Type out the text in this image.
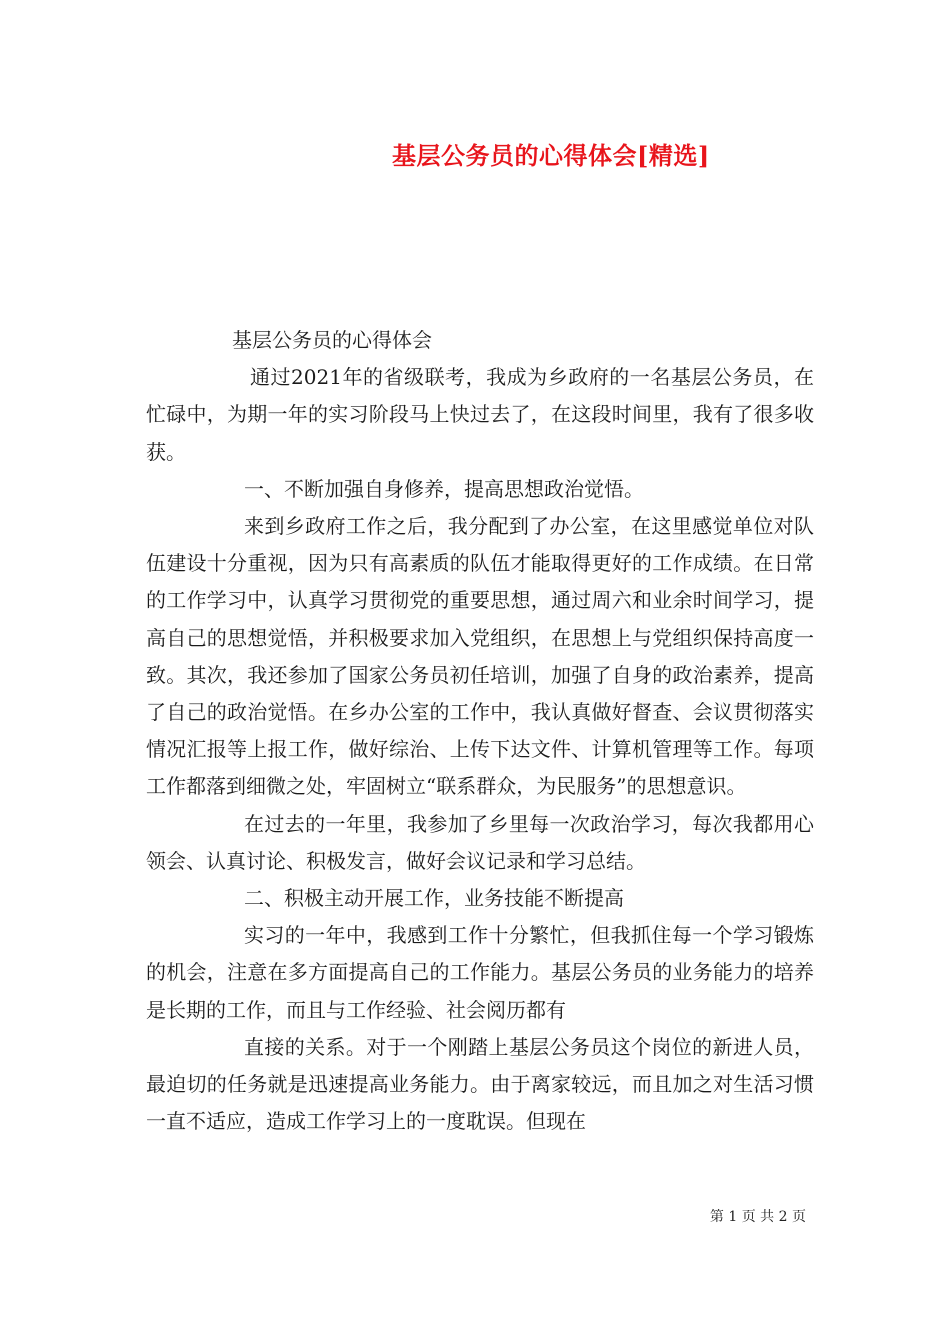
基层公务员的心得体会[精选]

基层公务员的心得体会

通过2021年的省级联考，我成为乡政府的一名基层公务员，在忙碌中，为期一年的实习阶段马上快过去了，在这段时间里，我有了很多收获。

一、不断加强自身修养，提高思想政治觉悟。

来到乡政府工作之后，我分配到了办公室，在这里感觉单位对队伍建设十分重视，因为只有高素质的队伍才能取得更好的工作成绩。在日常的工作学习中，认真学习贯彻党的重要思想，通过周六和业余时间学习，提高自己的思想觉悟，并积极要求加入党组织，在思想上与党组织保持高度一致。其次，我还参加了国家公务员初任培训，加强了自身的政治素养，提高了自己的政治觉悟。在乡办公室的工作中，我认真做好督查、会议贯彻落实情况汇报等上报工作，做好综治、上传下达文件、计算机管理等工作。每项工作都落到细微之处，牢固树立“联系群众，为民服务”的思想意识。

在过去的一年里，我参加了乡里每一次政治学习，每次我都用心领会、认真讨论、积极发言，做好会议记录和学习总结。

二、积极主动开展工作，业务技能不断提高

实习的一年中，我感到工作十分繁忙，但我抓住每一个学习锻炼的机会，注意在多方面提高自己的工作能力。基层公务员的业务能力的培养是长期的工作，而且与工作经验、社会阅历都有

直接的关系。对于一个刚踏上基层公务员这个岗位的新进人员，最迫切的任务就是迅速提高业务能力。由于离家较远，而且加之对生活习惯一直不适应，造成工作学习上的一度耽误。但现在

第 1 页 共 2 页
